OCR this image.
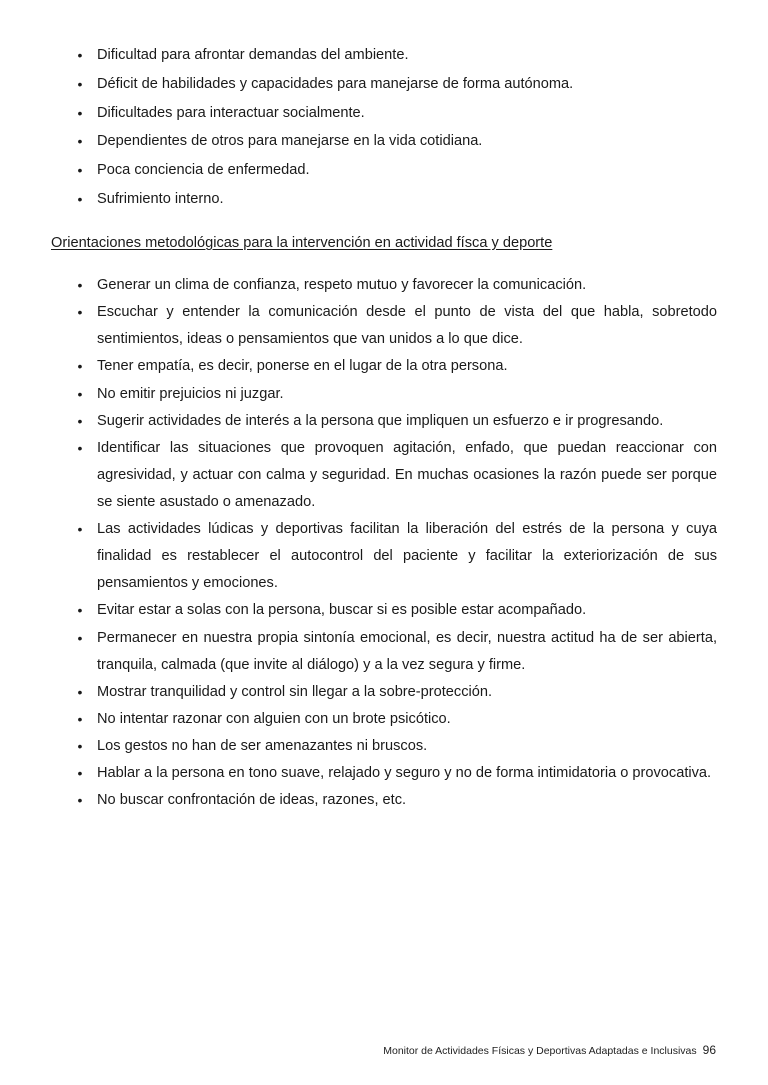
•
Dificultad para afrontar demandas del ambiente.
•
Déficit de habilidades y capacidades para manejarse de forma autónoma.
•
Dificultades para interactuar socialmente.
•
Dependientes de otros para manejarse en la vida cotidiana.
•
Poca conciencia de enfermedad.
•
Sufrimiento interno.
Orientaciones metodológicas para la intervención en actividad físca y deporte
•
Generar un clima de confianza, respeto mutuo y favorecer la comunicación.
•
Escuchar y entender la comunicación desde el punto de vista del que habla, sobretodo sentimientos, ideas o pensamientos que van unidos a lo que dice.
•
Tener empatía, es decir, ponerse en el lugar de la otra persona.
•
No emitir prejuicios ni juzgar.
•
Sugerir actividades de interés a la persona que impliquen un esfuerzo e ir progresando.
•
Identificar las situaciones que provoquen agitación, enfado, que puedan reaccionar con agresividad, y actuar con calma y seguridad. En muchas ocasiones la razón puede ser porque se siente asustado o amenazado.
•
Las actividades lúdicas y deportivas facilitan la liberación del estrés de la persona y cuya finalidad es restablecer el autocontrol del paciente y facilitar la exteriorización de sus pensamientos y emociones.
•
Evitar estar a solas con la persona, buscar si es posible estar acompañado.
•
Permanecer en nuestra propia sintonía emocional, es decir, nuestra actitud ha de ser abierta, tranquila, calmada (que invite al diálogo) y a la vez segura y firme.
•
Mostrar tranquilidad y control sin llegar a la sobre-protección.
•
No intentar razonar con alguien con un brote psicótico.
•
Los gestos no han de ser amenazantes ni bruscos.
•
Hablar a la persona en tono suave, relajado y seguro y no de forma intimidatoria o provocativa.
•
No buscar confrontación de ideas, razones, etc.
Monitor de Actividades Físicas y Deportivas Adaptadas e Inclusivas 96
